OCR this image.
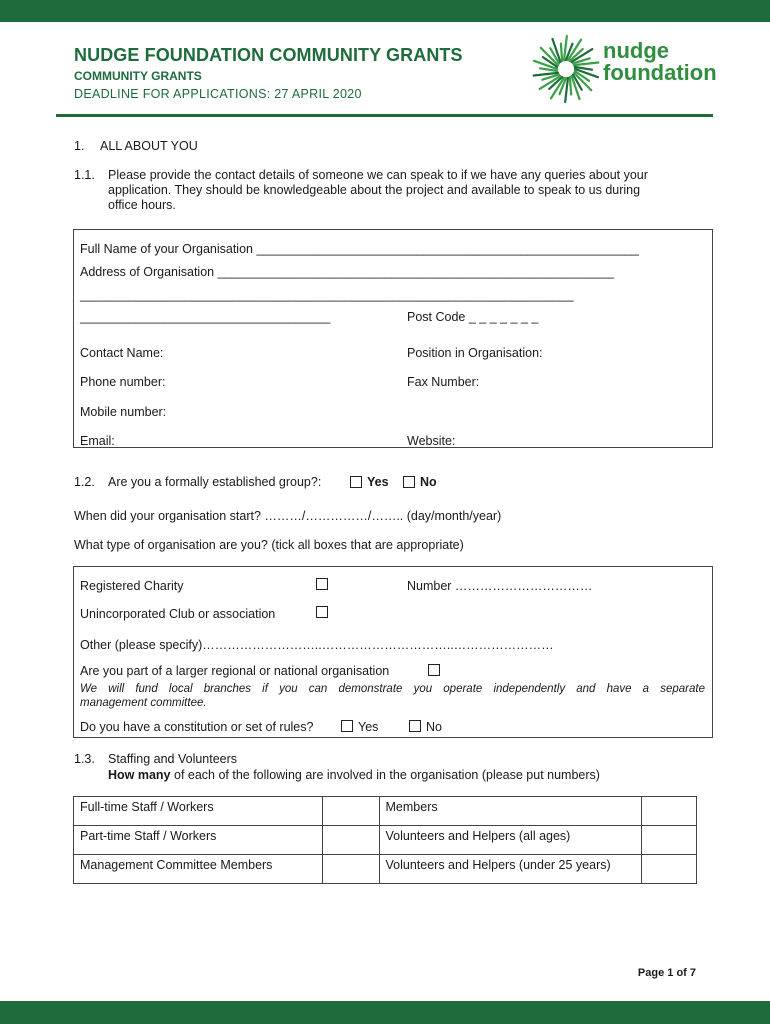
NUDGE FOUNDATION COMMUNITY GRANTS
COMMUNITY GRANTS
DEADLINE FOR APPLICATIONS: 27 APRIL 2020
nudge
foundation
1. ALL ABOUT YOU
1.1. Please provide the contact details of someone we can speak to if we have any queries about your
application. They should be knowledgeable about the project and available to speak to us during
office hours.
Full Name of your Organisation _______________________________________________________
Address of Organisation _________________________________________________________
_______________________________________________________________________
____________________________________	Post Code _ _ _ _ _ _ _
Contact Name:	Position in Organisation:
Phone number:	Fax Number:
Mobile number:
Email:	Website:
1.2. Are you a formally established group?:	Yes	No
When did your organisation start? ………/……………/…….. (day/month/year)
What type of organisation are you? (tick all boxes that are appropriate)
Registered Charity	Number ……………………………
Unincorporated Club or association
Other (please specify)………………………..…………………………..……………………
Are you part of a larger regional or national organisation
We will fund local branches if you can demonstrate you operate independently and have a separate
management committee.
Do you have a constitution or set of rules?	Yes	No
1.3. Staffing and Volunteers
How many of each of the following are involved in the organisation (please put numbers)
Full-time Staff / Workers		Members	
Part-time Staff / Workers		Volunteers and Helpers (all ages)	
Management Committee Members		Volunteers and Helpers (under 25 years)	
Page 1 of 7
